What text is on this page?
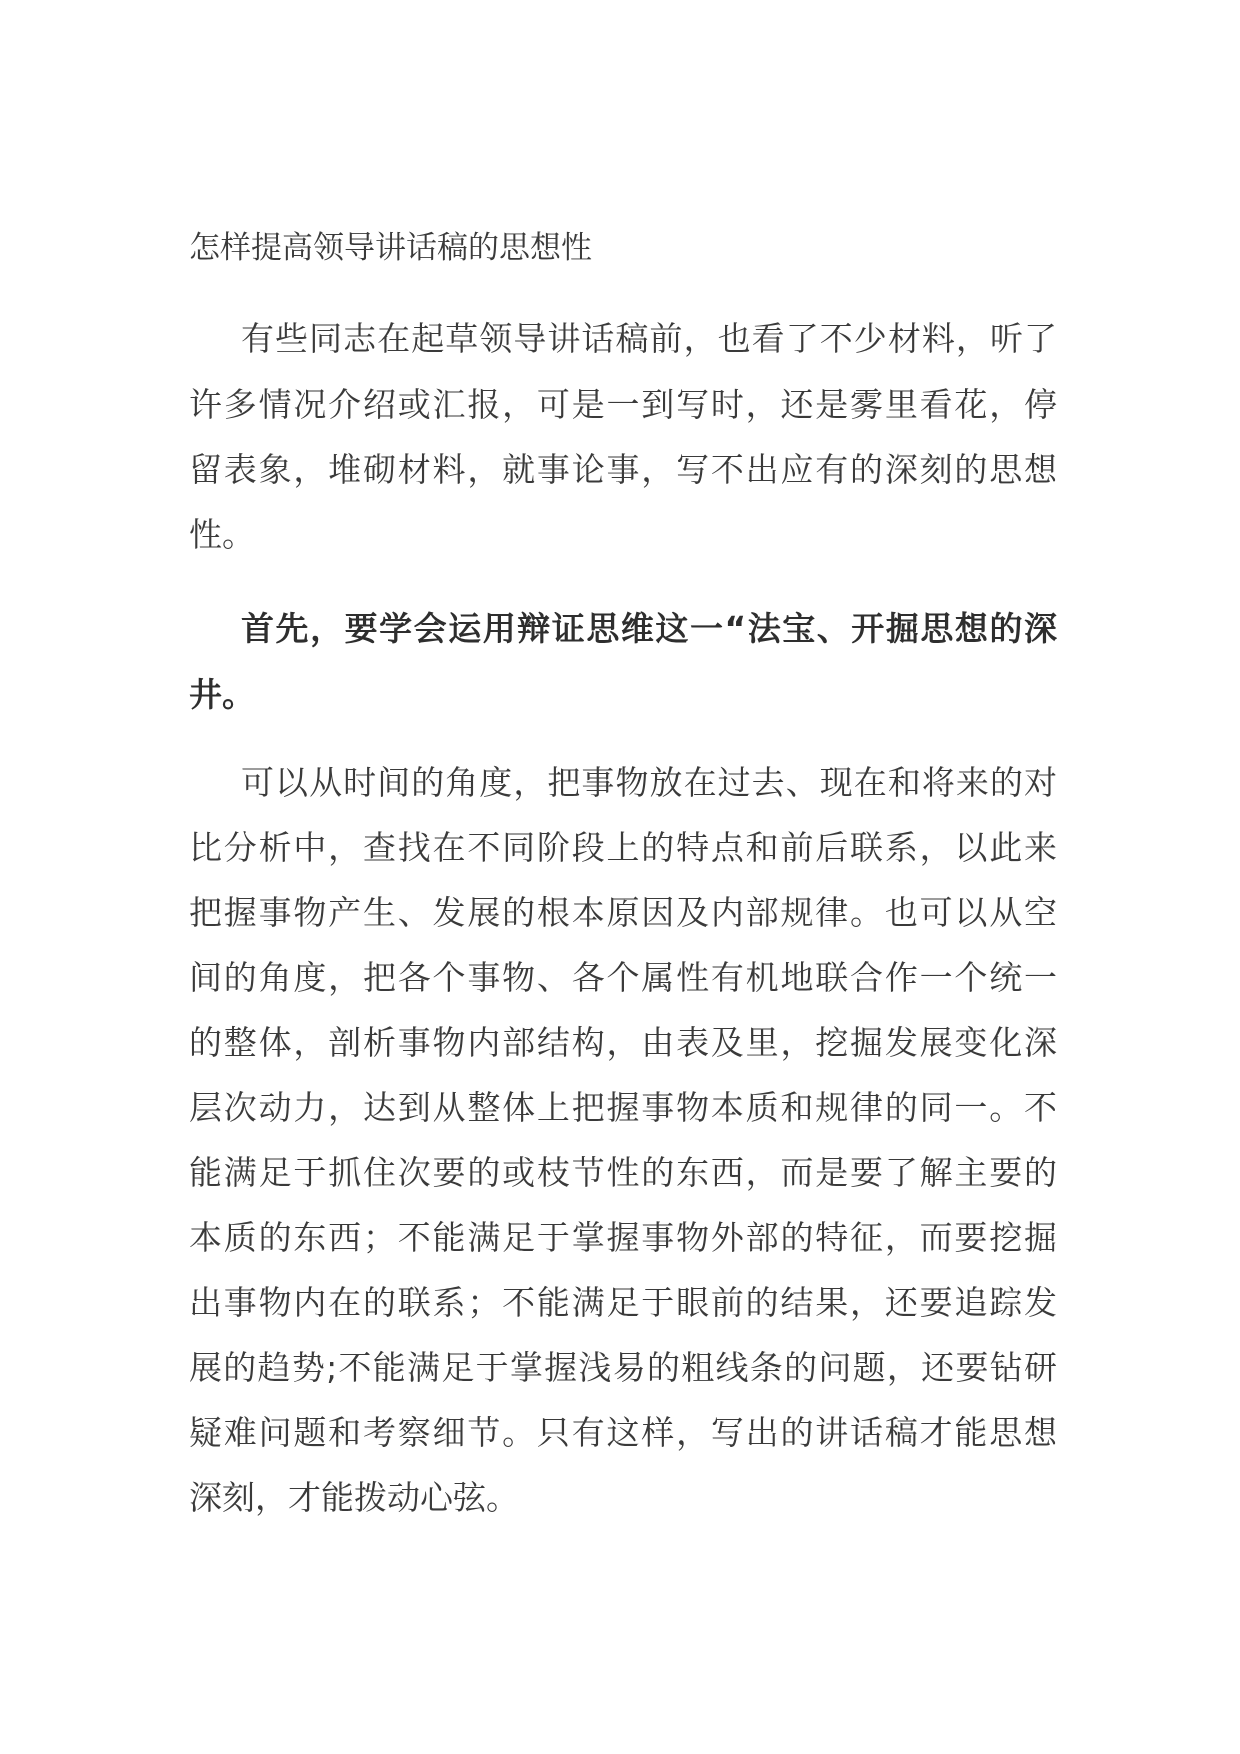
怎样提高领导讲话稿的思想性
有些同志在起草领导讲话稿前，也看了不少材料，听了
许多情况介绍或汇报，可是一到写时，还是雾里看花，停
留表象，堆砌材料，就事论事，写不出应有的深刻的思想
性。
首先，要学会运用辩证思维这一“法宝、开掘思想的深
井。
可以从时间的角度，把事物放在过去、现在和将来的对
比分析中，查找在不同阶段上的特点和前后联系，以此来
把握事物产生、发展的根本原因及内部规律。也可以从空
间的角度，把各个事物、各个属性有机地联合作一个统一
的整体，剖析事物内部结构，由表及里，挖掘发展变化深
层次动力，达到从整体上把握事物本质和规律的同一。不
能满足于抓住次要的或枝节性的东西，而是要了解主要的
本质的东西；不能满足于掌握事物外部的特征，而要挖掘
出事物内在的联系；不能满足于眼前的结果，还要追踪发
展的趋势;不能满足于掌握浅易的粗线条的问题，还要钻研
疑难问题和考察细节。只有这样，写出的讲话稿才能思想
深刻，才能拨动心弦。
